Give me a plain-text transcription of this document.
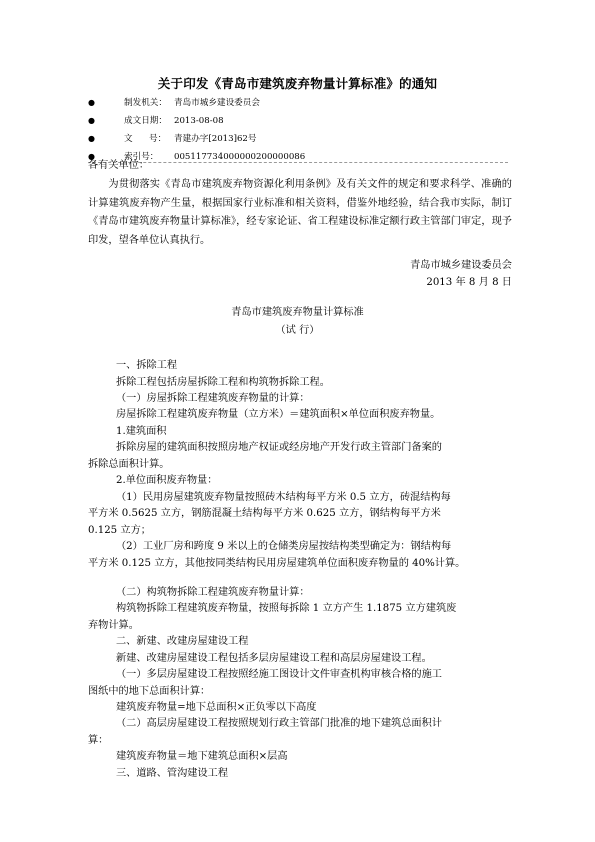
关于印发《青岛市建筑废弃物量计算标准》的通知
●	制发机关： 青岛市城乡建设委员会
●	成文日期： 2013-08-08
●	文      号： 青建办字[2013]62号
●	索引号： 005117734000000200000086
各有关单位：

为贯彻落实《青岛市建筑废弃物资源化利用条例》及有关文件的规定和要求科学、准确的计算建筑废弃物产生量，根据国家行业标准和相关资料，借鉴外地经验，结合我市实际，制订《青岛市建筑废弃物量计算标准》，经专家论证、省工程建设标准定额行政主管部门审定，现予印发，望各单位认真执行。

青岛市城乡建设委员会
2013 年 8 月 8 日
青岛市建筑废弃物量计算标准
（试 行）
一、拆除工程
拆除工程包括房屋拆除工程和构筑物拆除工程。
（一）房屋拆除工程建筑废弃物量的计算：
房屋拆除工程建筑废弃物量（立方米）＝建筑面积×单位面积废弃物量。
1.建筑面积
拆除房屋的建筑面积按照房地产权证或经房地产开发行政主管部门备案的
拆除总面积计算。
2.单位面积废弃物量：
（1）民用房屋建筑废弃物量按照砖木结构每平方米 0.5 立方，砖混结构每
平方米 0.5625 立方，钢筋混凝土结构每平方米 0.625 立方，钢结构每平方米
0.125 立方；
（2）工业厂房和跨度 9 米以上的仓储类房屋按结构类型确定为：钢结构每
平方米 0.125 立方，其他按同类结构民用房屋建筑单位面积废弃物量的 40%计算。
（二）构筑物拆除工程建筑废弃物量计算：
构筑物拆除工程建筑废弃物量，按照每拆除 1 立方产生 1.1875 立方建筑废
弃物计算。
二、新建、改建房屋建设工程
新建、改建房屋建设工程包括多层房屋建设工程和高层房屋建设工程。
（一）多层房屋建设工程按照经施工图设计文件审查机构审核合格的施工
图纸中的地下总面积计算：
建筑废弃物量=地下总面积×正负零以下高度
（二）高层房屋建设工程按照规划行政主管部门批准的地下建筑总面积计
算：
建筑废弃物量＝地下建筑总面积×层高
三、道路、管沟建设工程
